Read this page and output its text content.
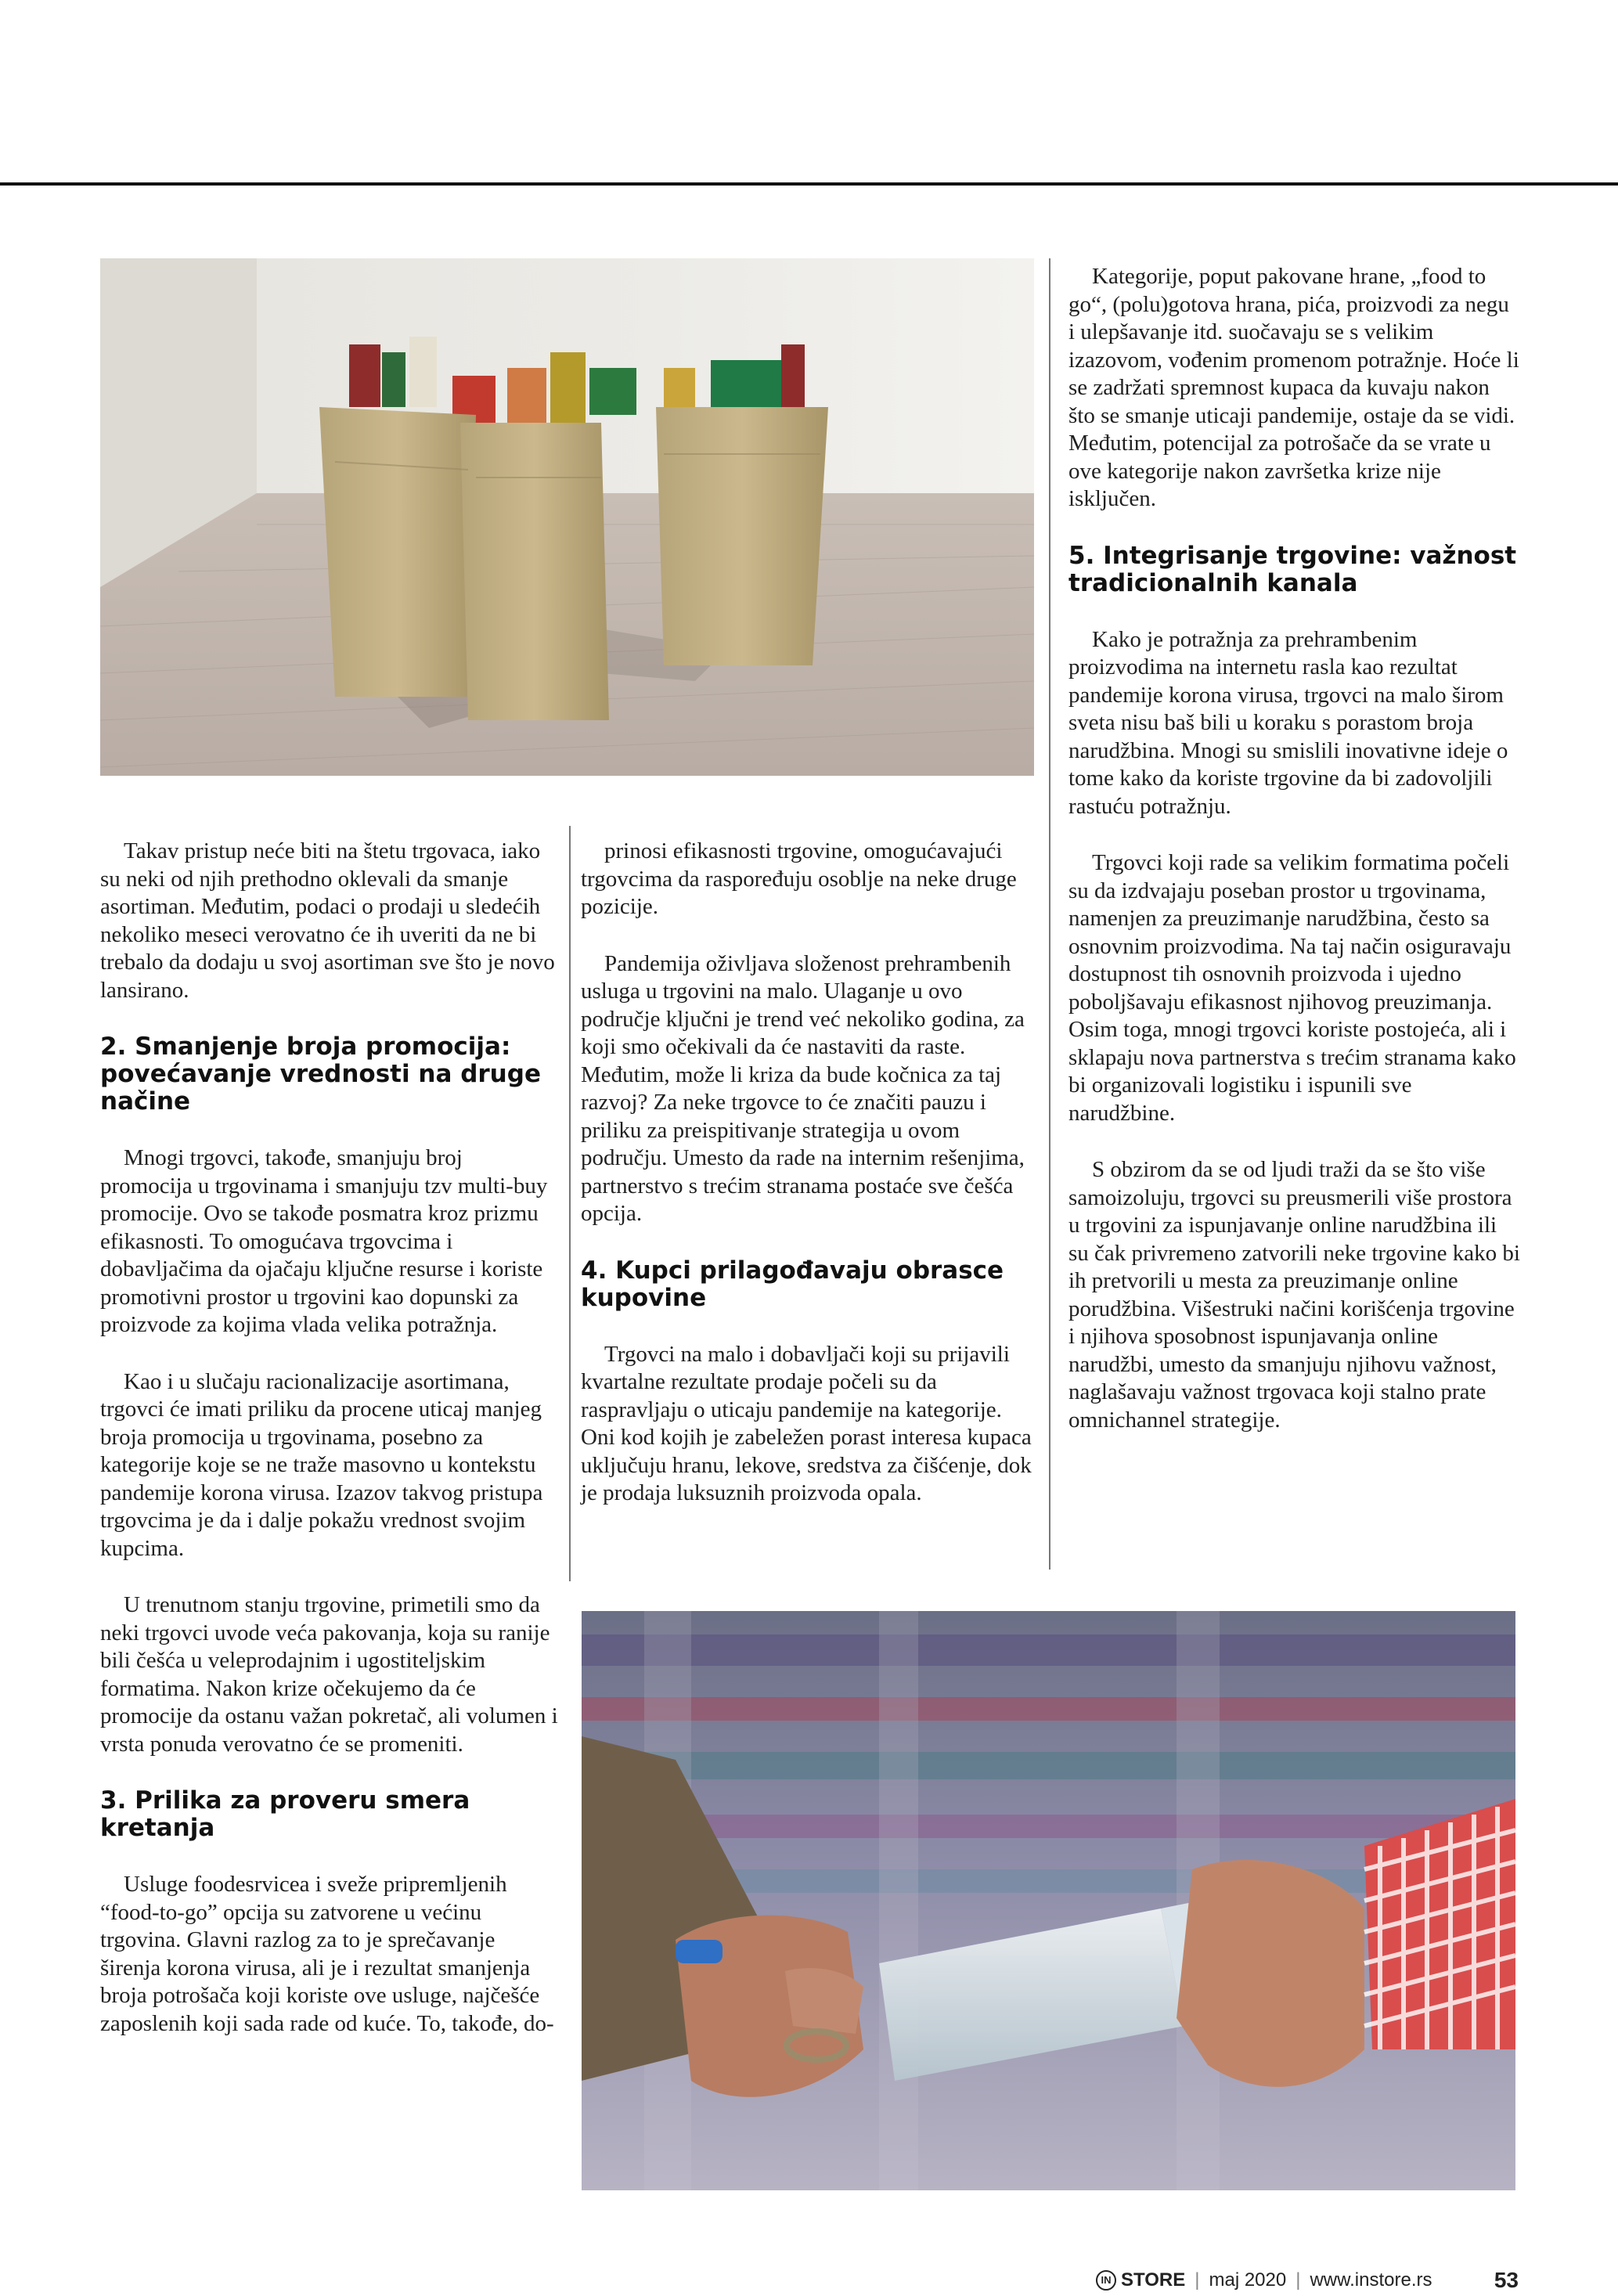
Takav pristup neće biti na štetu trgovaca, iako su neki od njih prethodno oklevali da smanje asortiman. Međutim, podaci o prodaji u sledećih nekoliko meseci verovatno će ih uveriti da ne bi trebalo da dodaju u svoj asortiman sve što je novo lansirano.

2. Smanjenje broja promocija: povećavanje vrednosti na druge načine

Mnogi trgovci, takođe, smanjuju broj promocija u trgovinama i smanjuju tzv multi-buy promocije. Ovo se takođe posmatra kroz prizmu efikasnosti. To omogućava trgovcima i dobavljačima da ojačaju ključne resurse i koriste promotivni prostor u trgovini kao dopunski za proizvode za kojima vlada velika potražnja.

Kao i u slučaju racionalizacije asortimana, trgovci će imati priliku da procene uticaj manjeg broja promocija u trgovinama, posebno za kategorije koje se ne traže masovno u kontekstu pandemije korona virusa. Izazov takvog pristupa trgovcima je da i dalje pokažu vrednost svojim kupcima.

U trenutnom stanju trgovine, primetili smo da neki trgovci uvode veća pakovanja, koja su ranije bili češća u veleprodajnim i ugostiteljskim formatima. Nakon krize očekujemo da će promocije da ostanu važan pokretač, ali volumen i vrsta ponuda verovatno će se promeniti.

3. Prilika za proveru smera kretanja

Usluge foodesrvicea i sveže pripremljenih “food-to-go” opcija su zatvorene u većinu trgovina. Glavni razlog za to je sprečavanje širenja korona virusa, ali je i rezultat smanjenja broja potrošača koji koriste ove usluge, najčešće zaposlenih koji sada rade od kuće. To, takođe, do-

prinosi efikasnosti trgovine, omogućavajući trgovcima da raspoređuju osoblje na neke druge pozicije.

Pandemija oživljava složenost prehrambenih usluga u trgovini na malo. Ulaganje u ovo područje ključni je trend već nekoliko godina, za koji smo očekivali da će nastaviti da raste. Međutim, može li kriza da bude kočnica za taj razvoj? Za neke trgovce to će značiti pauzu i priliku za preispitivanje strategija u ovom području. Umesto da rade na internim rešenjima, partnerstvo s trećim stranama postaće sve češća opcija.

4. Kupci prilagođavaju obrasce kupovine

Trgovci na malo i dobavljači koji su prijavili kvartalne rezultate prodaje počeli su da raspravljaju o uticaju pandemije na kategorije. Oni kod kojih je zabeležen porast interesa kupaca uključuju hranu, lekove, sredstva za čišćenje, dok je prodaja luksuznih proizvoda opala.

Kategorije, poput pakovane hrane, „food to go“, (polu)gotova hrana, pića, proizvodi za negu i ulepšavanje itd. suočavaju se s velikim izazovom, vođenim promenom potražnje. Hoće li se zadržati spremnost kupaca da kuvaju nakon što se smanje uticaji pandemije, ostaje da se vidi. Međutim, potencijal za potrošače da se vrate u ove kategorije nakon završetka krize nije isključen.

5. Integrisanje trgovine: važnost tradicionalnih kanala

Kako je potražnja za prehrambenim proizvodima na internetu rasla kao rezultat pandemije korona virusa, trgovci na malo širom sveta nisu baš bili u koraku s porastom broja narudžbina. Mnogi su smislili inovativne ideje o tome kako da koriste trgovine da bi zadovoljili rastuću potražnju.

Trgovci koji rade sa velikim formatima počeli su da izdvajaju poseban prostor u trgovinama, namenjen za preuzimanje narudžbina, često sa osnovnim proizvodima. Na taj način osiguravaju dostupnost tih osnovnih proizvoda i ujedno poboljšavaju efikasnost njihovog preuzimanja. Osim toga, mnogi trgovci koriste postojeća, ali i sklapaju nova partnerstva s trećim stranama kako bi organizovali logistiku i ispunili sve narudžbine.

S obzirom da se od ljudi traži da se što više samoizoluju, trgovci su preusmerili više prostora u trgovini za ispunjavanje online narudžbina ili su čak privremeno zatvorili neke trgovine kako bi ih pretvorili u mesta za preuzimanje online porudžbina. Višestruki načini korišćenja trgovine i njihova sposobnost ispunjavanja online narudžbi, umesto da smanjuju njihovu važnost, naglašavaju važnost trgovaca koji stalno prate omnichannel strategije.

IN STORE | maj 2020 | www.instore.rs	53
